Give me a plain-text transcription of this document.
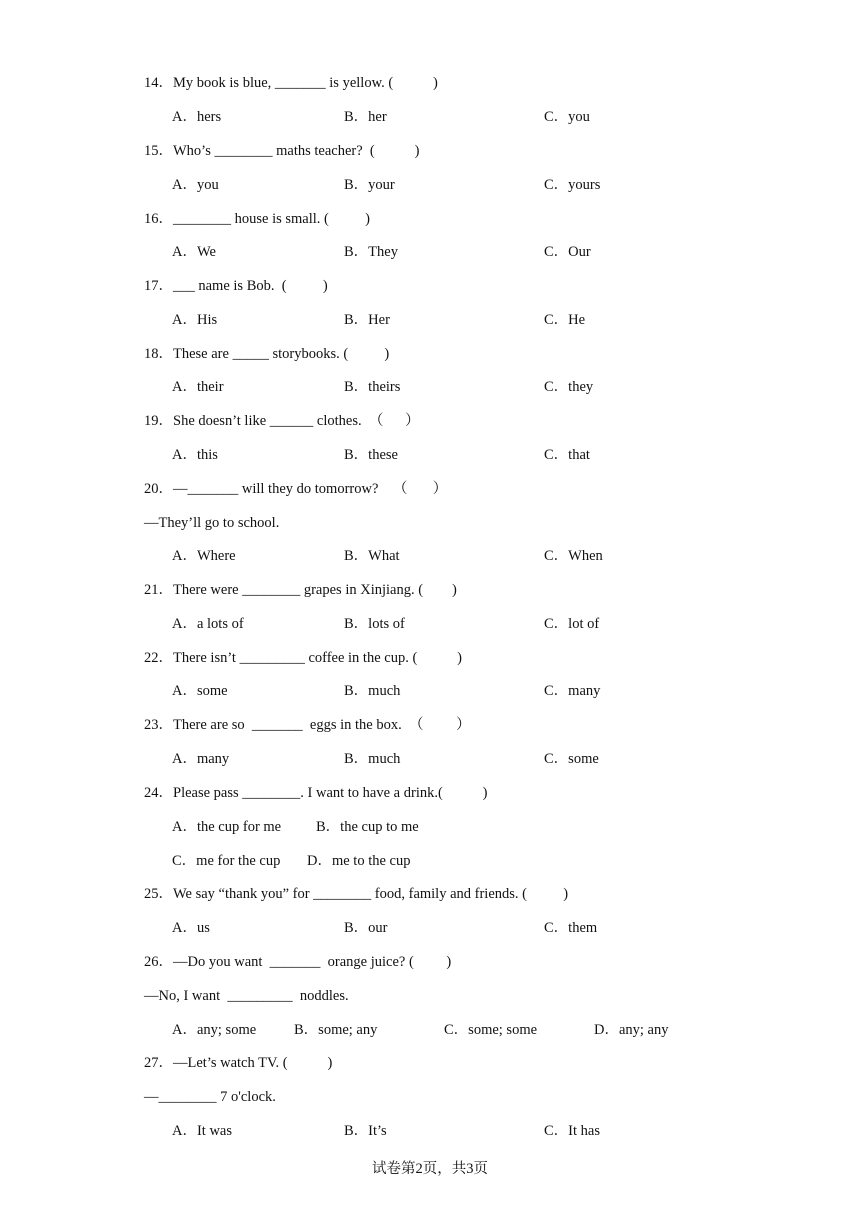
14．My book is blue, _______ is yellow. (           )
A．hers	B．her	C．you
15．Who’s ________ maths teacher?  (           )
A．you	B．your	C．yours
16．________ house is small. (          )
A．We	B．They	C．Our
17．___ name is Bob.  (          )
A．His	B．Her	C．He
18．These are _____ storybooks. (          )
A．their	B．theirs	C．they
19．She doesn’t like ______ clothes.  （      ）
A．this	B．these	C．that
20．—_______ will they do tomorrow?    （       ）
—They’ll go to school.
A．Where	B．What	C．When
21．There were ________ grapes in Xinjiang. (        )
A．a lots of	B．lots of	C．lot of
22．There isn’t _________ coffee in the cup. (           )
A．some	B．much	C．many
23．There are so  _______  eggs in the box.  （         ）
A．many	B．much	C．some
24．Please pass ________. I want to have a drink.(           )
A．the cup for me B．the cup to me
C．me for the cup D．me to the cup
25．We say “thank you” for ________ food, family and friends. (          )
A．us	B．our	C．them
26．—Do you want  _______  orange juice? (         )
—No, I want  _________  noddles.
A．any; some	B．some; any	C．some; some	D．any; any
27．—Let’s watch TV. (           )
—________ 7 o'clock.
A．It was	B．It’s	C．It has
试卷第2页，共3页
